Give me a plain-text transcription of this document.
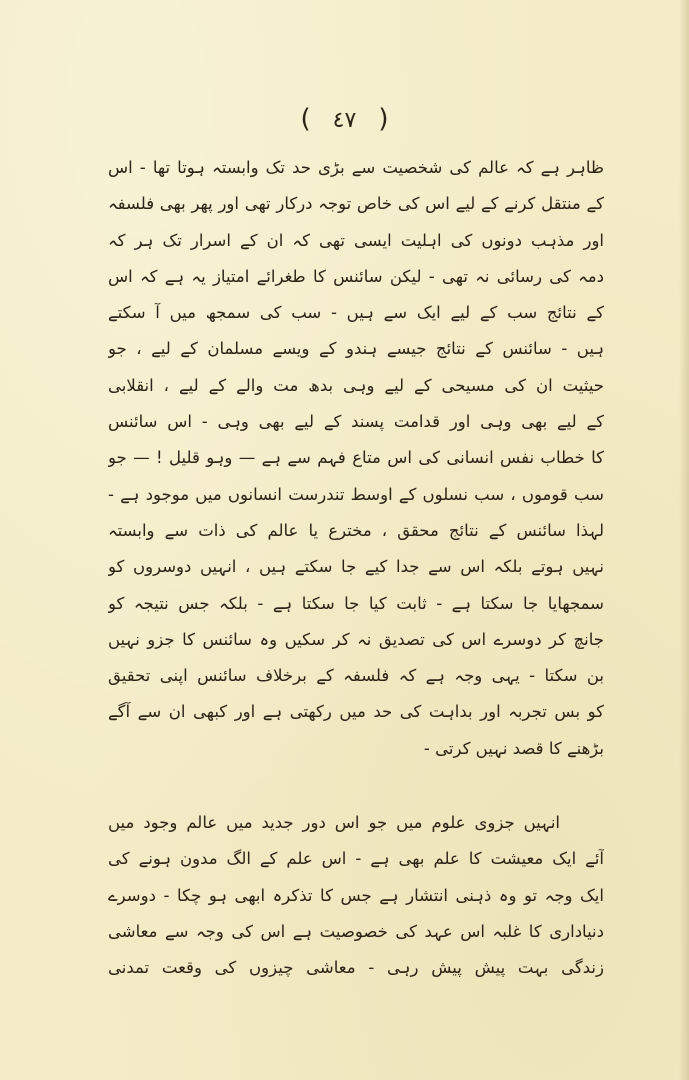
(٤٧)
ظاہر ہے کہ عالم کی شخصیت سے بڑی حد تک وابستہ ہوتا تھا - اس
کے منتقل کرنے کے لیے اس کی خاص توجہ درکار تھی اور پھر بھی فلسفہ
اور مذہب دونوں کی اہلیت ایسی تھی کہ ان کے اسرار تک ہر کہ
دمہ کی رسائی نہ تھی - لیکن سائنس کا طغرائے امتیاز یہ ہے کہ اس
کے نتائج سب کے لیے ایک سے ہیں - سب کی سمجھ میں آ سکتے
ہیں - سائنس کے نتائج جیسے ہندو کے ویسے مسلمان کے لیے ، جو
حیثیت ان کی مسیحی کے لیے وہی بدھ مت والے کے لیے ، انقلابی
کے لیے بھی وہی اور قدامت پسند کے لیے بھی وہی - اس سائنس
کا خطاب نفس انسانی کی اس متاع فہم سے ہے — وہو قلیل ! — جو
سب قوموں ، سب نسلوں کے اوسط تندرست انسانوں میں موجود ہے -
لہذا سائنس کے نتائج محقق ، مخترع یا عالم کی ذات سے وابستہ
نہیں ہوتے بلکہ اس سے جدا کیے جا سکتے ہیں ، انہیں دوسروں کو
سمجھایا جا سکتا ہے - ثابت کیا جا سکتا ہے - بلکہ جس نتیجہ کو
جانچ کر دوسرے اس کی تصدیق نہ کر سکیں وہ سائنس کا جزو نہیں
بن سکتا - یہی وجہ ہے کہ فلسفہ کے برخلاف سائنس اپنی تحقیق
کو بس تجربہ اور بداہت کی حد میں رکھتی ہے اور کبھی ان سے آگے
بڑھنے کا قصد نہیں کرتی -
انہیں جزوی علوم میں جو اس دور جدید میں عالم وجود میں
آئے ایک معیشت کا علم بھی ہے - اس علم کے الگ مدون ہونے کی
ایک وجہ تو وہ ذہنی انتشار ہے جس کا تذکرہ ابھی ہو چکا - دوسرے
دنیاداری کا غلبہ اس عہد کی خصوصیت ہے اس کی وجہ سے معاشی
زندگی بہت پیش پیش رہی - معاشی چیزوں کی وقعت تمدنی
